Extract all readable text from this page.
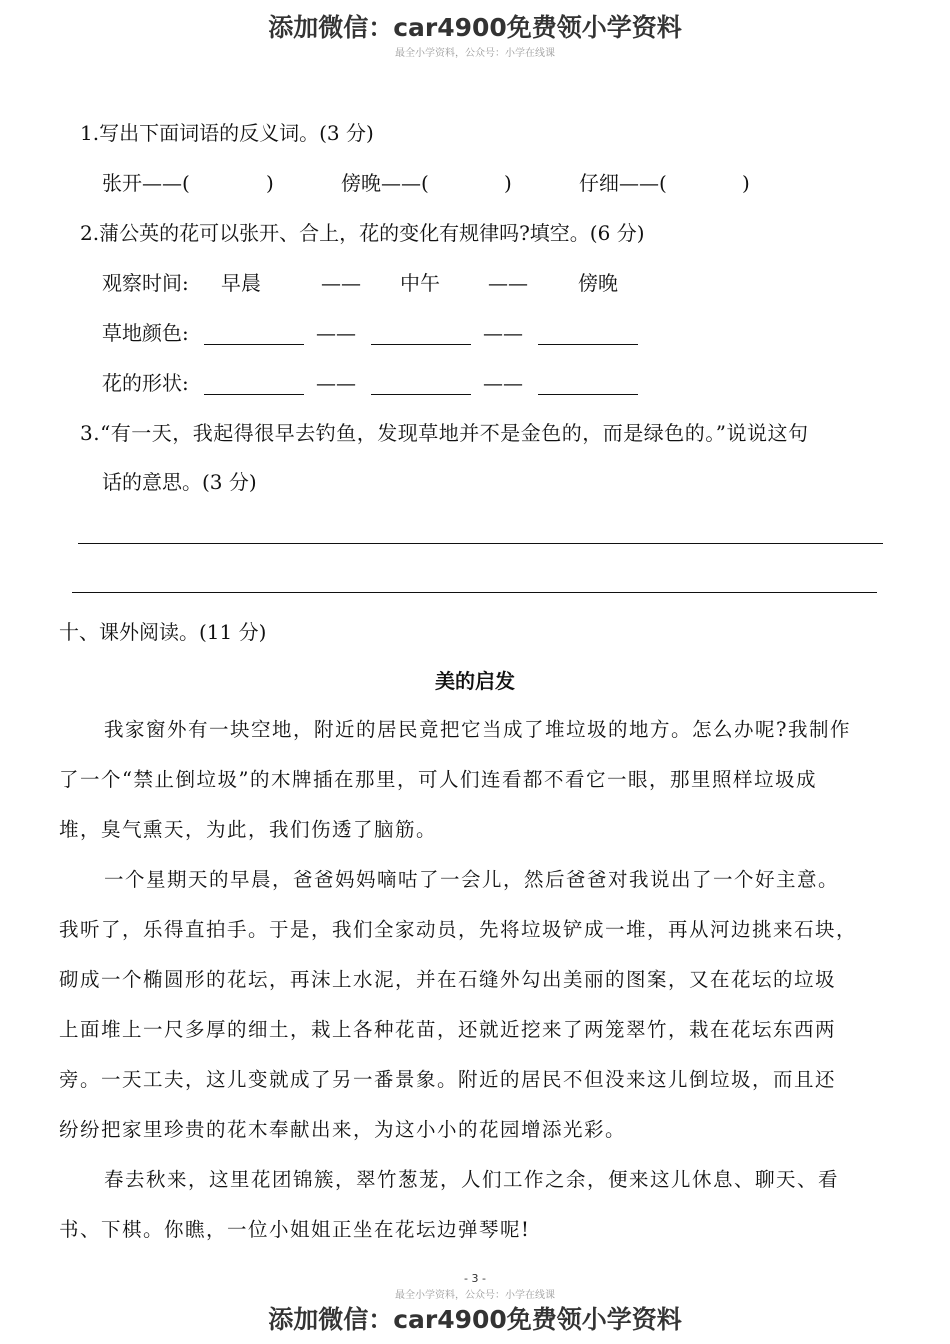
添加微信：car4900免费领小学资料
最全小学资料，公众号：小学在线课
1.写出下面词语的反义词。(3 分)
张开——(	)	傍晚——(	)	仔细——(	)
2.蒲公英的花可以张开、合上，花的变化有规律吗?填空。(6 分)
观察时间: 早晨	—— 中午 ——	傍晚
草地颜色:	——	——
花的形状:	——	——
3.“有一天，我起得很早去钓鱼，发现草地并不是金色的，而是绿色的。”说说这句
话的意思。(3 分)
十、课外阅读。(11 分)
美的启发
我家窗外有一块空地，附近的居民竟把它当成了堆垃圾的地方。怎么办呢?我制作
了一个“禁止倒垃圾”的木牌插在那里，可人们连看都不看它一眼，那里照样垃圾成
堆，臭气熏天，为此，我们伤透了脑筋。
一个星期天的早晨，爸爸妈妈嘀咕了一会儿，然后爸爸对我说出了一个好主意。
我听了，乐得直拍手。于是，我们全家动员，先将垃圾铲成一堆，再从河边挑来石块，
砌成一个椭圆形的花坛，再沫上水泥，并在石缝外勾出美丽的图案，又在花坛的垃圾
上面堆上一尺多厚的细土，栽上各种花苗，还就近挖来了两笼翠竹，栽在花坛东西两
旁。一天工夫，这儿变就成了另一番景象。附近的居民不但没来这儿倒垃圾，而且还
纷纷把家里珍贵的花木奉献出来，为这小小的花园增添光彩。
春去秋来，这里花团锦簇，翠竹葱茏，人们工作之余，便来这儿休息、聊天、看
书、下棋。你瞧，一位小姐姐正坐在花坛边弹琴呢!
- 3 -
最全小学资料，公众号：小学在线课
添加微信：car4900免费领小学资料
